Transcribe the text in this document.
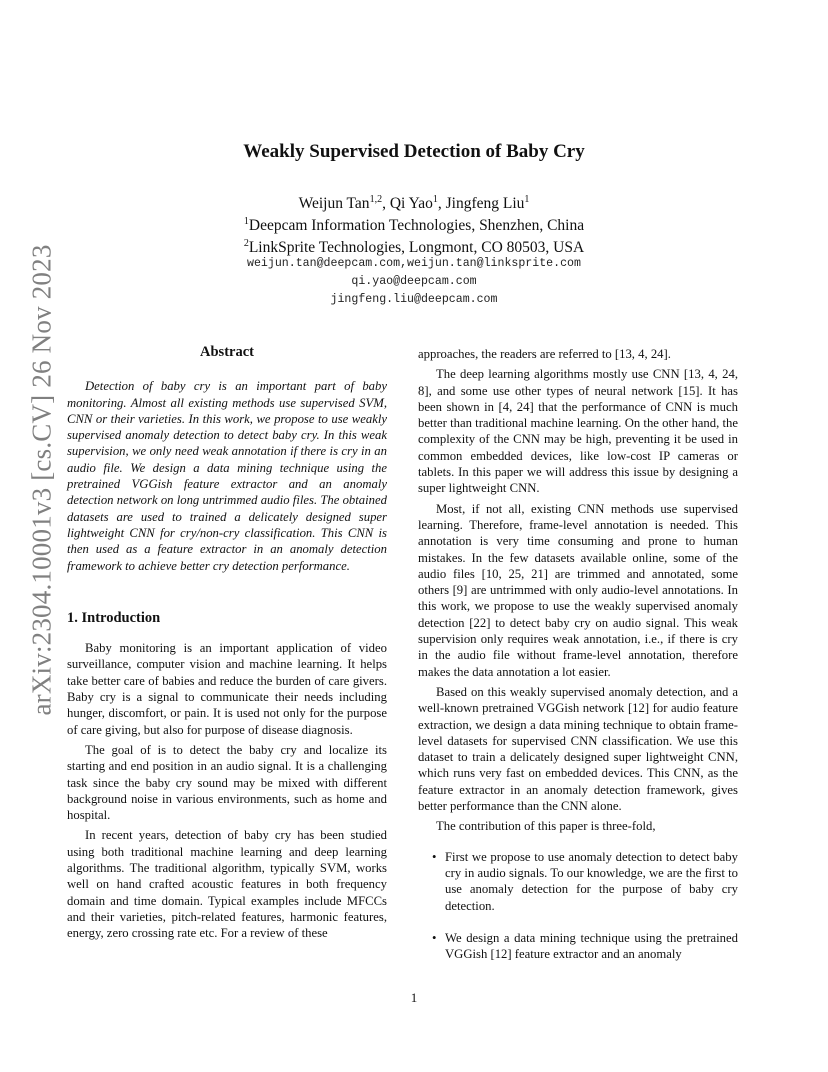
arXiv:2304.10001v3 [cs.CV] 26 Nov 2023
Weakly Supervised Detection of Baby Cry
Weijun Tan$^{1,2}$, Qi Yao$^1$, Jingfeng Liu$^1$
$^1$Deepcam Information Technologies, Shenzhen, China
$^2$LinkSprite Technologies, Longmont, CO 80503, USA
weijun.tan@deepcam.com,weijun.tan@linksprite.com
qi.yao@deepcam.com
jingfeng.liu@deepcam.com
Abstract

Detection of baby cry is an important part of baby monitoring. Almost all existing methods use supervised SVM, CNN or their varieties. In this work, we propose to use weakly supervised anomaly detection to detect baby cry. In this weak supervision, we only need weak annotation if there is cry in an audio file. We design a data mining technique using the pretrained VGGish feature extractor and an anomaly detection network on long untrimmed audio files. The obtained datasets are used to trained a delicately designed super lightweight CNN for cry/non-cry classification. This CNN is then used as a feature extractor in an anomaly detection framework to achieve better cry detection performance.

1. Introduction

Baby monitoring is an important application of video surveillance, computer vision and machine learning. It helps take better care of babies and reduce the burden of care givers. Baby cry is a signal to communicate their needs including hunger, discomfort, or pain. It is used not only for the purpose of care giving, but also for purpose of disease diagnosis.

The goal of is to detect the baby cry and localize its starting and end position in an audio signal. It is a challenging task since the baby cry sound may be mixed with different background noise in various environments, such as home and hospital.

In recent years, detection of baby cry has been studied using both traditional machine learning and deep learning algorithms. The traditional algorithm, typically SVM, works well on hand crafted acoustic features in both frequency domain and time domain. Typical examples include MFCCs and their varieties, pitch-related features, harmonic features, energy, zero crossing rate etc. For a review of these

approaches, the readers are referred to [13, 4, 24].

The deep learning algorithms mostly use CNN [13, 4, 24, 8], and some use other types of neural network [15]. It has been shown in [4, 24] that the performance of CNN is much better than traditional machine learning. On the other hand, the complexity of the CNN may be high, preventing it be used in common embedded devices, like low-cost IP cameras or tablets. In this paper we will address this issue by designing a super lightweight CNN.

Most, if not all, existing CNN methods use supervised learning. Therefore, frame-level annotation is needed. This annotation is very time consuming and prone to human mistakes. In the few datasets available online, some of the audio files [10, 25, 21] are trimmed and annotated, some others [9] are untrimmed with only audio-level annotations. In this work, we propose to use the weakly supervised anomaly detection [22] to detect baby cry on audio signal. This weak supervision only requires weak annotation, i.e., if there is cry in the audio file without frame-level annotation, therefore makes the data annotation a lot easier.

Based on this weakly supervised anomaly detection, and a well-known pretrained VGGish network [12] for audio feature extraction, we design a data mining technique to obtain frame-level datasets for supervised CNN classification. We use this dataset to train a delicately designed super lightweight CNN, which runs very fast on embedded devices. This CNN, as the feature extractor in an anomaly detection framework, gives better performance than the CNN alone.

The contribution of this paper is three-fold,

• First we propose to use anomaly detection to detect baby cry in audio signals. To our knowledge, we are the first to use anomaly detection for the purpose of baby cry detection.
• We design a data mining technique using the pretrained VGGish [12] feature extractor and an anomaly
1
